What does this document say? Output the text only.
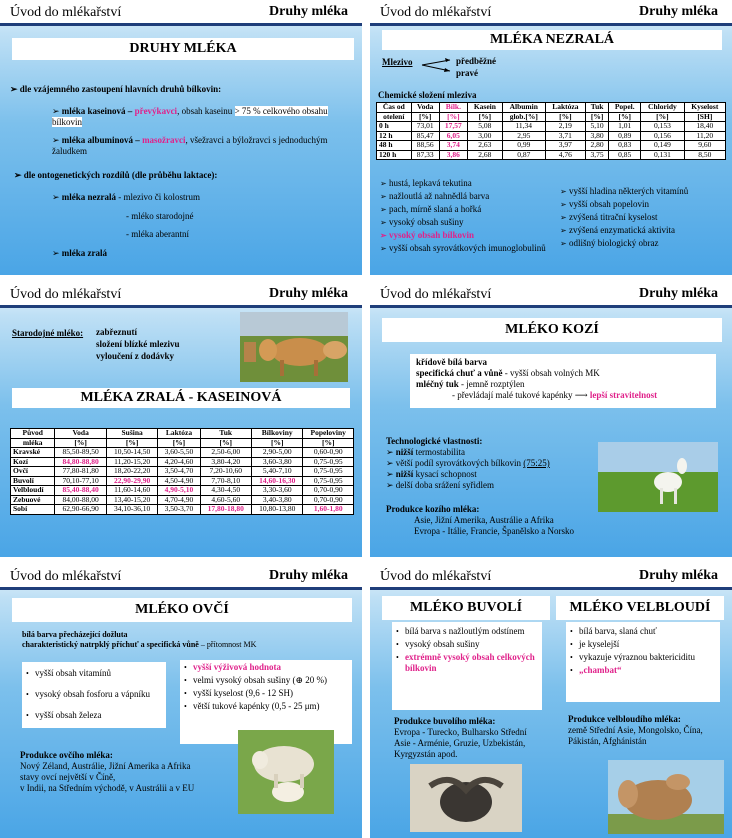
Úvod do mlékařství	Druhy mléka
DRUHY MLÉKA
➢ dle vzájemného zastoupení hlavních druhů bílkovin:
➢ mléka kaseinová – převýkavci, obsah kaseinu > 75 % celkového obsahu bílkovin
➢ mléka albuminová – masožravci, všežravci a býložravci s jednoduchým žaludkem
➢ dle ontogenetických rozdílů (dle průběhu laktace):
➢ mléka nezralá - mlezivo či kolostrum
- mléko starodojné
- mléka aberantní
➢ mléka zralá
Úvod do mlékařství	Druhy mléka
MLÉKA NEZRALÁ
Mlezivo	předběžné
pravé
Chemické složení mleziva
Čas od	Voda	Bílk.	Kasein	Albumin	Laktóza	Tuk	Popel.	Chloridy	Kyselost
otelení	[%]	[%]	[%]	glob.[%]	[%]	[%]	[%]	[%]	[SH]
0 h	73,01	17,57	5,08	11,34	2,19	5,10	1,01	0,153	18,40
12 h	85,47	6,05	3,00	2,95	3,71	3,80	0,89	0,156	11,20
48 h	88,56	3,74	2,63	0,99	3,97	2,80	0,83	0,149	9,60
120 h	87,33	3,86	2,68	0,87	4,76	3,75	0,85	0,131	8,50
➢ hustá, lepkavá tekutina
➢ nažloutlá až nahnědlá barva
➢ pach, mírně slaná a hořká
➢ vysoký obsah sušiny
➢ vysoký obsah bílkovin
➢ vyšší obsah syrovátkových imunoglobulinů
➢ vyšší hladina některých vitamínů
➢ vyšší obsah popelovin
➢ zvýšená titrační kyselost
➢ zvýšená enzymatická aktivita
➢ odlišný biologický obraz
Úvod do mlékařství	Druhy mléka
Starodojné mléko: zabřeznutí
složení blízké mlezivu
vyloučení z dodávky
MLÉKA ZRALÁ - KASEINOVÁ
Původ	Voda	Sušina	Laktóza	Tuk	Bílkoviny	Popeloviny
mléka	[%]	[%]	[%]	[%]	[%]	[%]
Kravské	85,50-89,50	10,50-14,50	3,60-5,50	2,50-6,00	2,90-5,00	0,60-0,90
Kozí	84,80-88,80	11,20-15,20	4,20-4,60	3,80-4,20	3,60-3,80	0,75-0,95
Ovčí	77,80-81,80	18,20-22,20	3,50-4,70	7,20-10,60	5,40-7,10	0,75-0,95
Buvolí	70,10-77,10	22,90-29,90	4,50-4,90	7,70-8,10	14,60-16,30	0,75-0,95
Velbloudí	85,40-88,40	11,60-14,60	4,90-5,10	4,30-4,50	3,30-3,60	0,70-0,90
Zebuové	84,00-88,00	13,40-15,20	4,70-4,90	4,60-5,60	3,40-3,80	0,70-0,90
Sobí	62,90-66,90	34,10-36,10	3,50-3,70	17,80-18,80	10,80-13,80	1,60-1,80
Úvod do mlékařství	Druhy mléka
MLÉKO KOZÍ
křídově bílá barva
specifická chuť a vůně - vyšší obsah volných MK
mléčný tuk - jemně rozptýlen
- převládají malé tukové kapénky ⟶ lepší stravitelnost
Technologické vlastnosti:
➢ nižší termostabilita
➢ větší podíl syrovátkových bílkovin (75:25)
➢ nižší kysací schopnost
➢ delší doba srážení syřidlem
Produkce kozího mléka:
Asie, Jižní Amerika, Austrálie a Afrika
Evropa - Itálie, Francie, Španělsko a Norsko
Úvod do mlékařství	Druhy mléka
MLÉKO OVČÍ
bílá barva přecházející dožluta
charakteristický natrpklý příchuť a specifická vůně – přítomnost MK
• vyšší obsah vitamínů
• vysoký obsah fosforu a vápníku
• vyšší obsah železa
• vyšší výživová hodnota
• velmi vysoký obsah sušiny (⊕ 20 %)
• vyšší kyselost (9,6 - 12 SH)
• větší tukové kapénky (0,5 - 25 μm)
Produkce ovčího mléka:
Nový Zéland, Austrálie, Jižní Amerika a Afrika
stavy ovcí největší v Číně,
v Indii, na Středním východě, v Austrálii a v EU
Úvod do mlékařství	Druhy mléka
MLÉKO BUVOLÍ	MLÉKO VELBLOUDÍ
• bílá barva s nažloutlým odstínem
• vysoký obsah sušiny
• extrémně vysoký obsah celkových bílkovin
• bílá barva, slaná chuť
• je kyselejší
• vykazuje výraznou baktericiditu
• „chambat“
Produkce buvolího mléka:
Evropa - Turecko, Bulharsko Střední Asie - Arménie, Gruzie, Uzbekistán, Kyrgyzstán apod.
Produkce velbloudího mléka:
země Střední Asie, Mongolsko, Čína, Pákistán, Afghánistán
